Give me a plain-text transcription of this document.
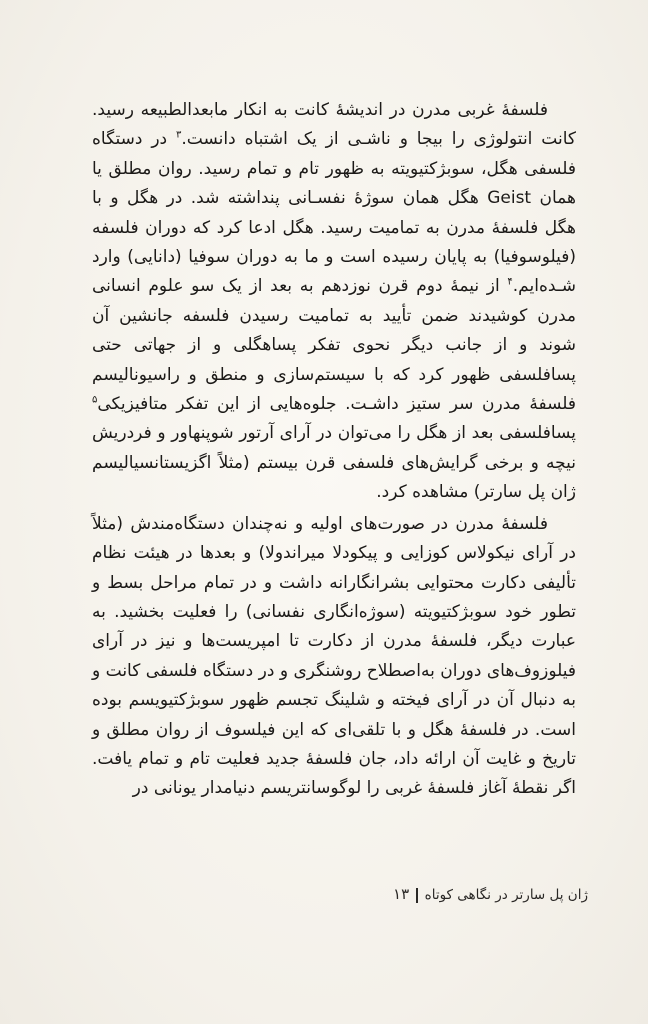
فلسفهٔ غربی مدرن در اندیشهٔ کانت به انکار مابعدالطبیعه رسید. کانت انتولوژی را بیجا و ناشـی از یک اشتباه دانست.$^۳$ در دستگاه فلسفی هگل، سوبژکتیویته به ظهور تام و تمام رسید. روان مطلق یا همان Geist هگل همان سوژهٔ نفسـانی پنداشته شد. در هگل و با هگل فلسفهٔ مدرن به تمامیت رسید. هگل ادعا کرد که دوران فلسفه (فیلوسوفیا) به پایان رسیده است و ما به دوران سوفیا (دانایی) وارد شـده‌ایم.$^۴$ از نیمهٔ دوم قرن نوزدهم به بعد از یک سو علوم انسانی مدرن کوشیدند ضمن تأیید به تمامیت رسیدن فلسفه جانشین آن شوند و از جانب دیگر نحوی تفکر پساهگلی و از جهاتی حتی پسافلسفی ظهور کرد که با سیستم‌سازی و منطق و راسیونالیسم فلسفهٔ مدرن سر ستیز داشـت. جلوه‌هایی از این تفکر متافیزیکی$^۵$ پسافلسفی بعد از هگل را می‌توان در آرای آرتور شوپنهاور و فردریش نیچه و برخی گرایش‌های فلسفی قرن بیستم (مثلاً اگزیستانسیالیسم ژان پل سارتر) مشاهده کرد.

فلسفهٔ مدرن در صورت‌های اولیه و نه‌چندان دستگاه‌مندش (مثلاً در آرای نیکولاس کوزایی و پیکودلا میراندولا) و بعدها در هیئت نظام تألیفی دکارت محتوایی بشرانگارانه داشت و در تمام مراحل بسط و تطور خود سوبژکتیویته (سوژه‌انگاری نفسانی) را فعلیت بخشید. به عبارت دیگر، فلسفهٔ مدرن از دکارت تا امپریست‌ها و نیز در آرای فیلوزوف‌های دوران به‌اصطلاح روشنگری و در دستگاه فلسفی کانت و به دنبال آن در آرای فیخته و شلینگ تجسم ظهور سوبژکتیویسم بوده است. در فلسفهٔ هگل و با تلقی‌ای که این فیلسوف از روان مطلق و تاریخ و غایت آن ارائه داد، جان فلسفهٔ جدید فعلیت تام و تمام یافت. اگر نقطهٔ آغاز فلسفهٔ غربی را لوگوسانتریسم دنیامدار یونانی در

ژان پل سارتر در نگاهی کوتاه۱۳
